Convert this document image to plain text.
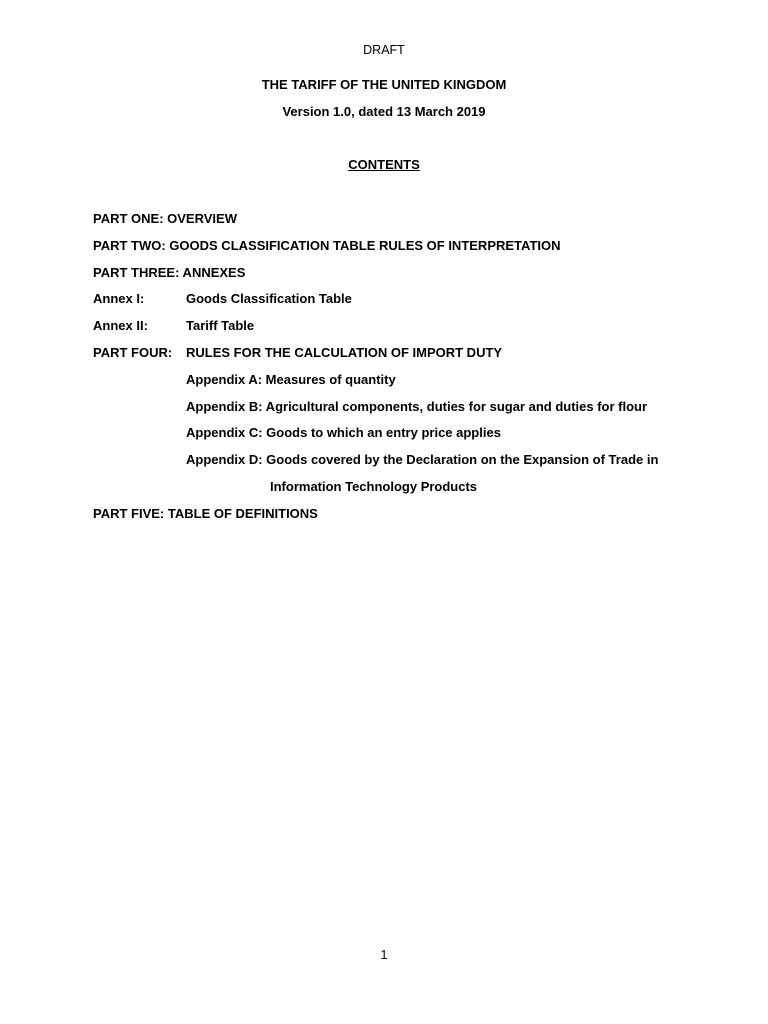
DRAFT
THE TARIFF OF THE UNITED KINGDOM
Version 1.0, dated 13 March 2019
CONTENTS
PART ONE: OVERVIEW
PART TWO: GOODS CLASSIFICATION TABLE RULES OF INTERPRETATION
PART THREE: ANNEXES
Annex I:	Goods Classification Table
Annex II:	Tariff Table
PART FOUR: RULES FOR THE CALCULATION OF IMPORT DUTY
Appendix A: Measures of quantity
Appendix B: Agricultural components, duties for sugar and duties for flour
Appendix C: Goods to which an entry price applies
Appendix D: Goods covered by the Declaration on the Expansion of Trade in
Information Technology Products
PART FIVE: TABLE OF DEFINITIONS
1
